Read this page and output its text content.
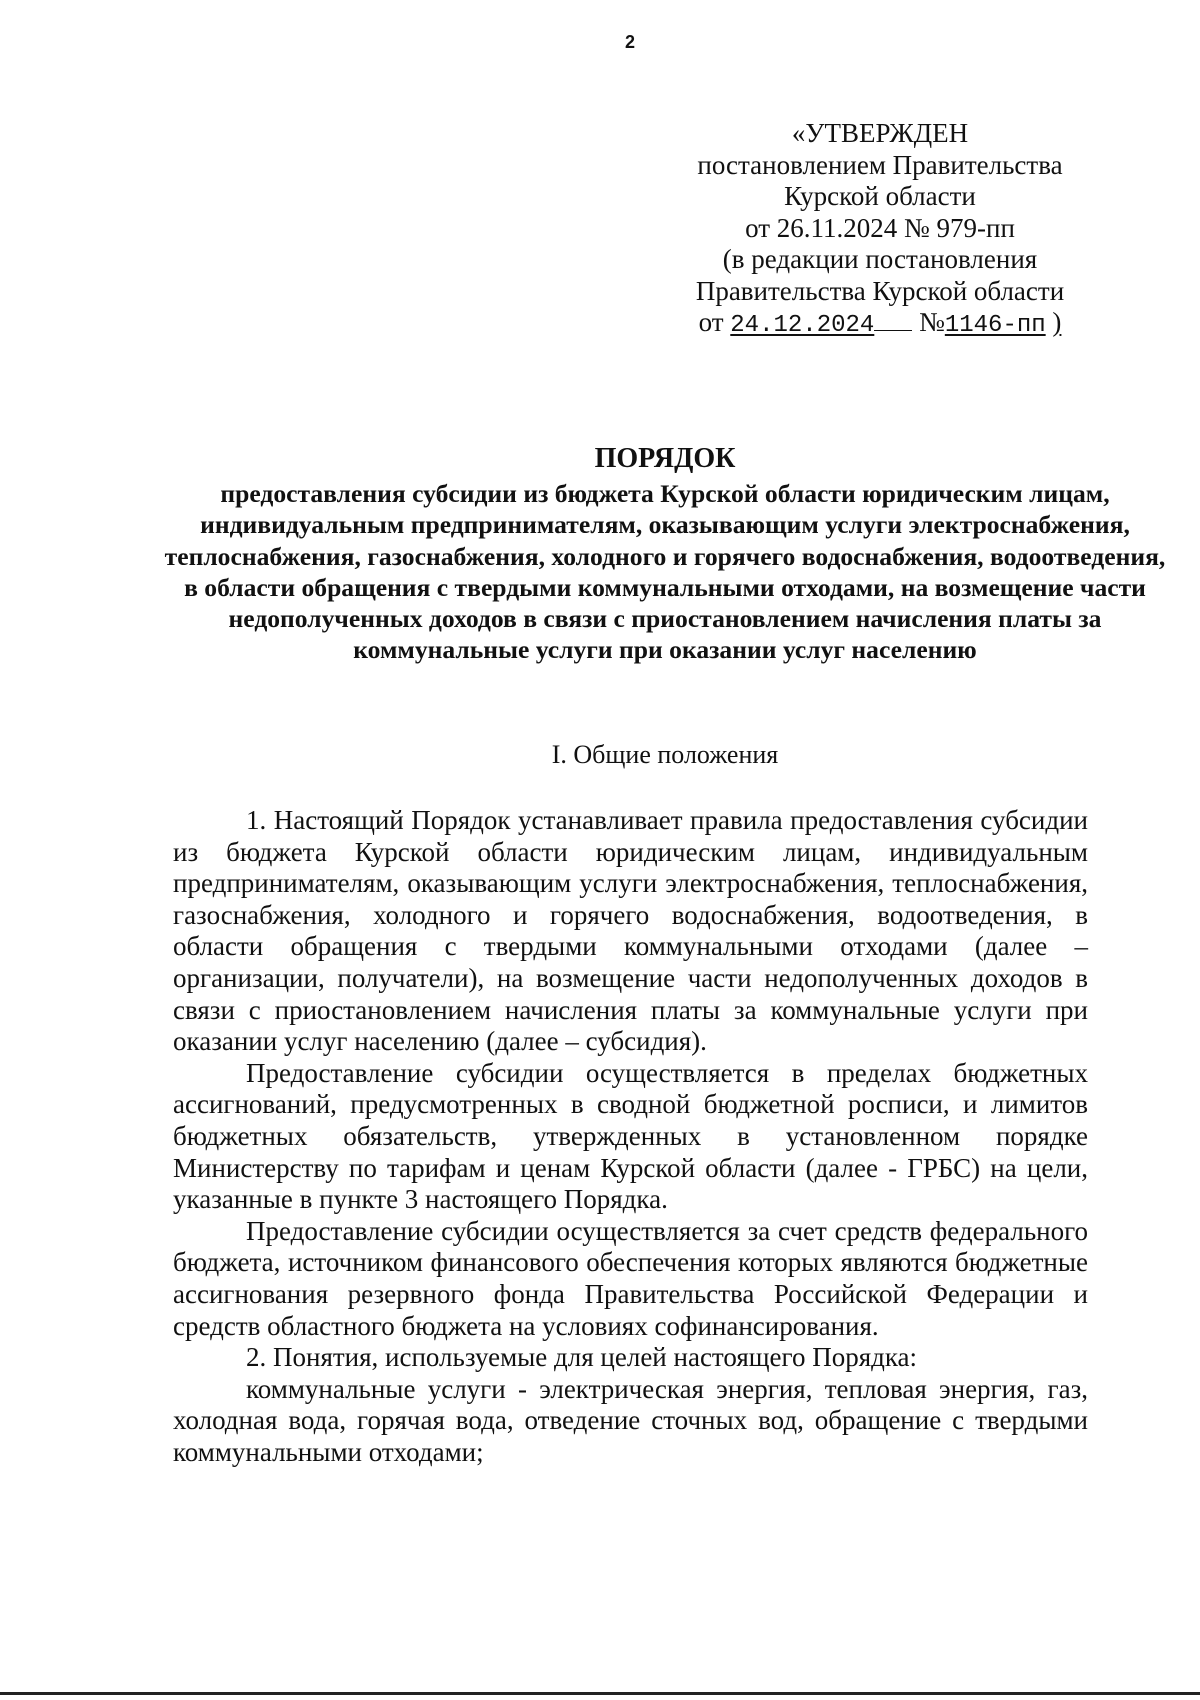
2
«УТВЕРЖДЕН
постановлением Правительства
Курской области
от 26.11.2024 № 979-пп
(в редакции постановления
Правительства Курской области
от 24.12.2024 №1146-пп )
ПОРЯДОК
предоставления субсидии из бюджета Курской области юридическим лицам, индивидуальным предпринимателям, оказывающим услуги электроснабжения, теплоснабжения, газоснабжения, холодного и горячего водоснабжения, водоотведения, в области обращения с твердыми коммунальными отходами, на возмещение части недополученных доходов в связи с приостановлением начисления платы за коммунальные услуги при оказании услуг населению
I. Общие положения

1. Настоящий Порядок устанавливает правила предоставления субсидии из бюджета Курской области юридическим лицам, индивидуальным предпринимателям, оказывающим услуги электроснабжения, теплоснабжения, газоснабжения, холодного и горячего водоснабжения, водоотведения, в области обращения с твердыми коммунальными отходами (далее – организации, получатели), на возмещение части недополученных доходов в связи с приостановлением начисления платы за коммунальные услуги при оказании услуг населению (далее – субсидия).

Предоставление субсидии осуществляется в пределах бюджетных ассигнований, предусмотренных в сводной бюджетной росписи, и лимитов бюджетных обязательств, утвержденных в установленном порядке Министерству по тарифам и ценам Курской области (далее - ГРБС) на цели, указанные в пункте 3 настоящего Порядка.

Предоставление субсидии осуществляется за счет средств федерального бюджета, источником финансового обеспечения которых являются бюджетные ассигнования резервного фонда Правительства Российской Федерации и средств областного бюджета на условиях софинансирования.

2. Понятия, используемые для целей настоящего Порядка:

коммунальные услуги - электрическая энергия, тепловая энергия, газ, холодная вода, горячая вода, отведение сточных вод, обращение с твердыми коммунальными отходами;
